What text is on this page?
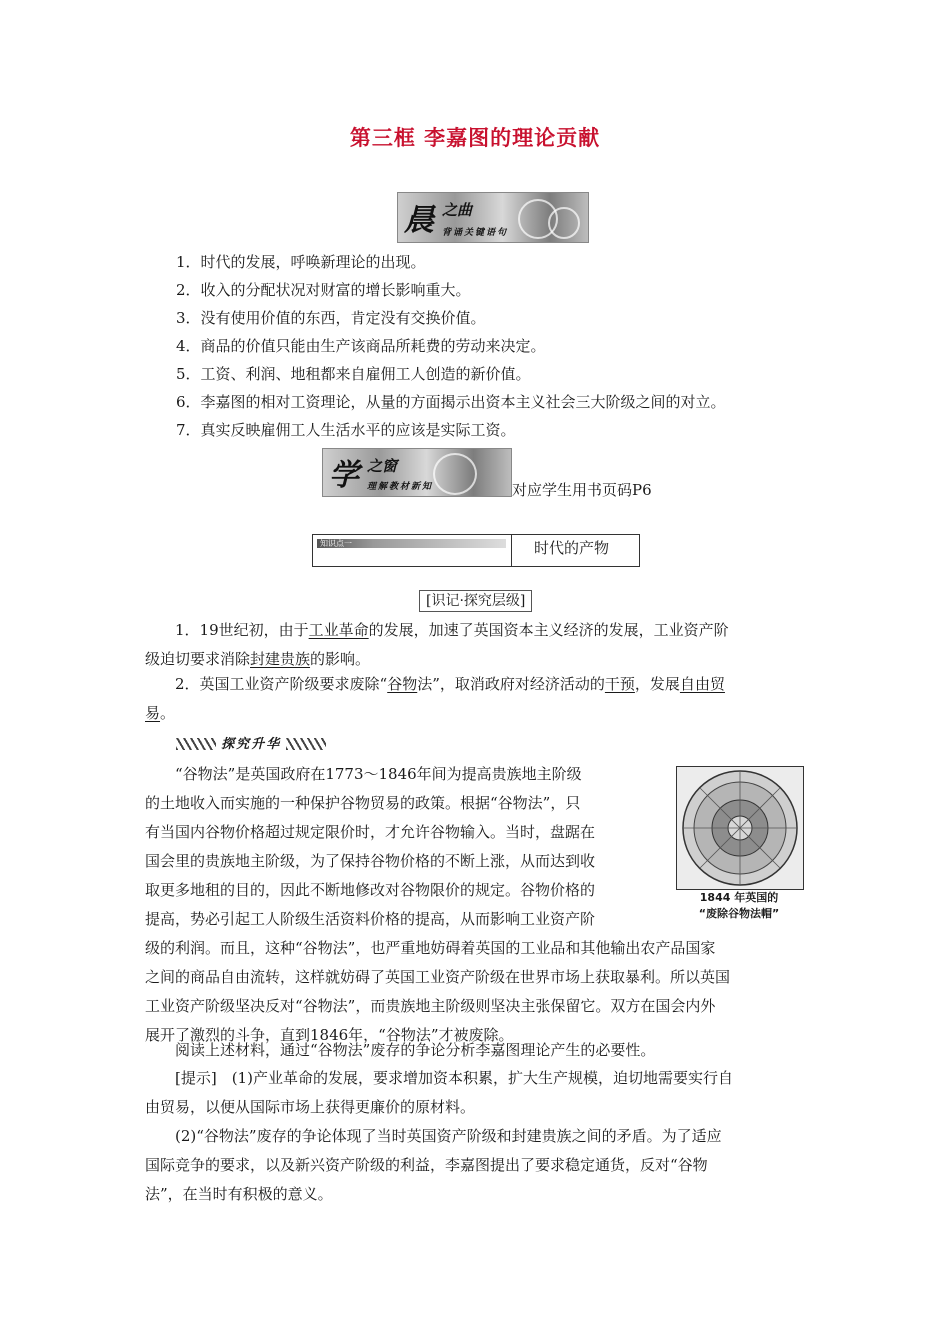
第三框 李嘉图的理论贡献
晨 之曲
背诵关键语句
1．时代的发展，呼唤新理论的出现。
2．收入的分配状况对财富的增长影响重大。
3．没有使用价值的东西，肯定没有交换价值。
4．商品的价值只能由生产该商品所耗费的劳动来决定。
5．工资、利润、地租都来自雇佣工人创造的新价值。
6．李嘉图的相对工资理论，从量的方面揭示出资本主义社会三大阶级之间的对立。
7．真实反映雇佣工人生活水平的应该是实际工资。
学 之窗
理解教材新知	对应学生用书页码P6
知识点一	时代的产物
[识记·探究层级]
1．19世纪初，由于工业革命的发展，加速了英国资本主义经济的发展，工业资产阶
级迫切要求消除封建贵族的影响。
2．英国工业资产阶级要求废除“谷物法”，取消政府对经济活动的干预，发展自由贸
易。
探究升华
1844 年英国的
“废除谷物法帽”
“谷物法”是英国政府在1773～1846年间为提高贵族地主阶级
的土地收入而实施的一种保护谷物贸易的政策。根据“谷物法”，只
有当国内谷物价格超过规定限价时，才允许谷物输入。当时，盘踞在
国会里的贵族地主阶级，为了保持谷物价格的不断上涨，从而达到收
取更多地租的目的，因此不断地修改对谷物限价的规定。谷物价格的
提高，势必引起工人阶级生活资料价格的提高，从而影响工业资产阶
级的利润。而且，这种“谷物法”，也严重地妨碍着英国的工业品和其他输出农产品国家
之间的商品自由流转，这样就妨碍了英国工业资产阶级在世界市场上获取暴利。所以英国
工业资产阶级坚决反对“谷物法”，而贵族地主阶级则坚决主张保留它。双方在国会内外
展开了激烈的斗争，直到1846年，“谷物法”才被废除。
阅读上述材料，通过“谷物法”废存的争论分析李嘉图理论产生的必要性。
[提示]　(1)产业革命的发展，要求增加资本积累，扩大生产规模，迫切地需要实行自
由贸易，以便从国际市场上获得更廉价的原材料。
(2)“谷物法”废存的争论体现了当时英国资产阶级和封建贵族之间的矛盾。为了适应
国际竞争的要求，以及新兴资产阶级的利益，李嘉图提出了要求稳定通货，反对“谷物
法”，在当时有积极的意义。
